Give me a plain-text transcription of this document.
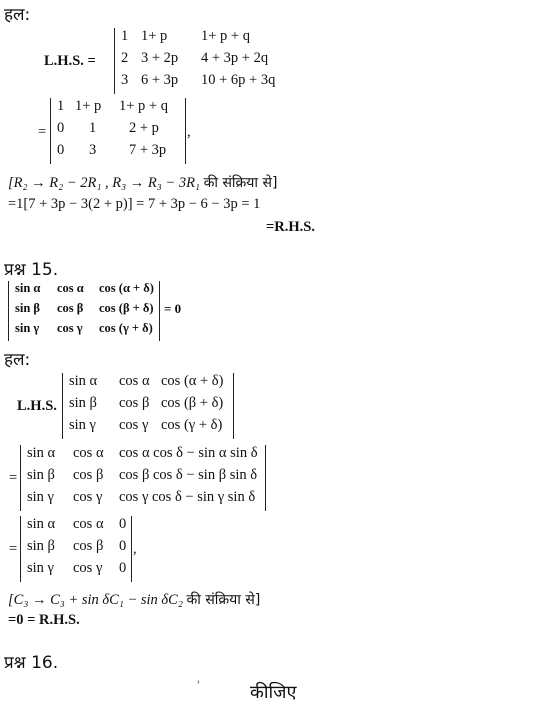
हल:
L.H.S. =
1 1+ p 1+ p + q
2 3 + 2p 4 + 3p + 2q
3 6 + 3p 10 + 6p + 3q
=
1 1+ p 1+ p + q
0 1 2 + p
0 3 7 + 3p
,
[R₂ → R₂ − 2R₁ , R₃ → R₃ − 3R₁ की संक्रिया से]
=1[7 + 3p − 3(2 + p)] = 7 + 3p − 6 − 3p = 1
=R.H.S.
प्रश्न 15.
sin α cos α cos (α + δ)
sin β cos β cos (β + δ)
sin γ cos γ cos (γ + δ)
= 0
हल:
L.H.S.
sin α cos α cos (α + δ)
sin β cos β cos (β + δ)
sin γ cos γ cos (γ + δ)
=
sin α cos α cos α cos δ − sin α sin δ
sin β cos β cos β cos δ − sin β sin δ
sin γ cos γ cos γ cos δ − sin γ sin δ
=
sin α cos α 0
sin β cos β 0
sin γ cos γ 0
,
[C₃ → C₃ + sin δC₁ − sin δC₂ की संक्रिया से]
=0 = R.H.S.
प्रश्न 16.
˒
कीजिए
